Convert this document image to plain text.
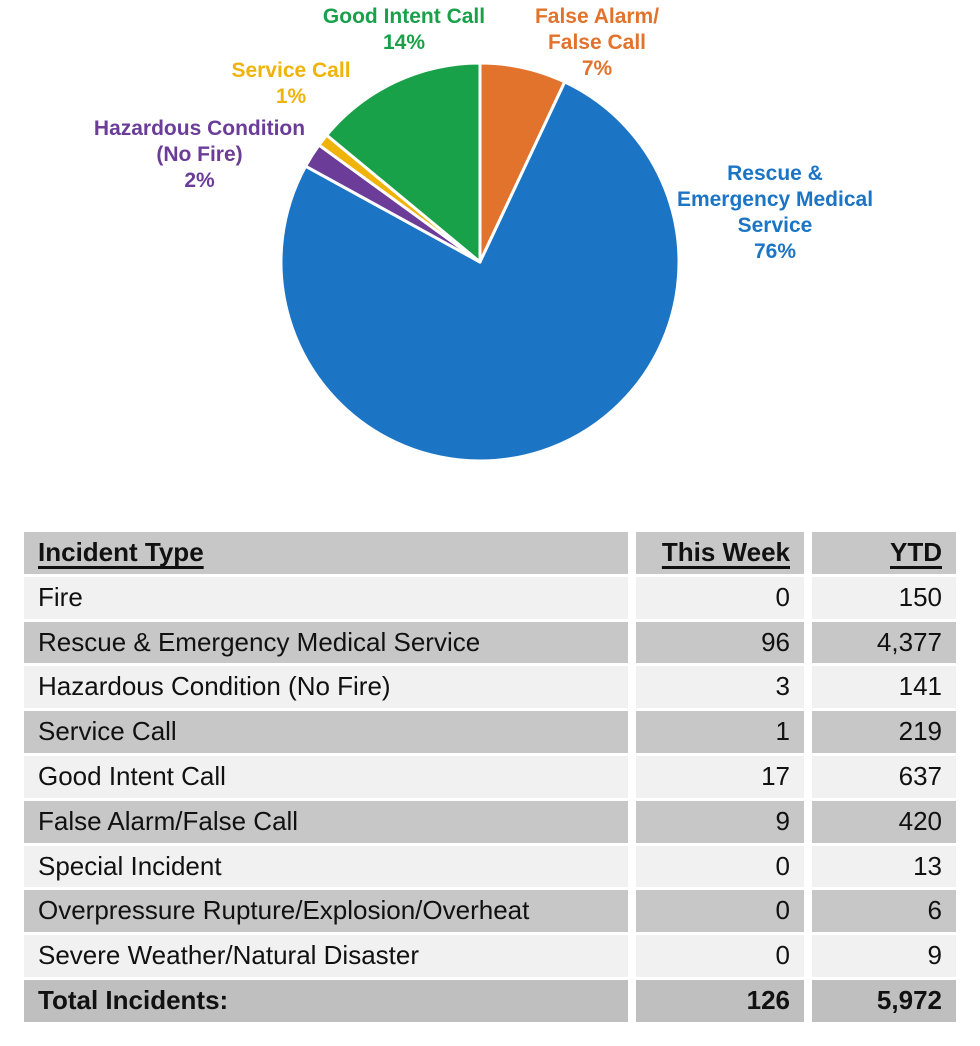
Good Intent Call
14%
False Alarm/ False Call
7%
Service Call
1%
Hazardous Condition (No Fire)
2%	Rescue & Emergency Medical Service
76%
Incident Type	This Week	YTD
Fire	0	150
Rescue & Emergency Medical Service	96	4,377
Hazardous Condition (No Fire)	3	141
Service Call	1	219
Good Intent Call	17	637
False Alarm/False Call	9	420
Special Incident	0	13
Overpressure Rupture/Explosion/Overheat	0	6
Severe Weather/Natural Disaster	0	9
Total Incidents:	126	5,972
